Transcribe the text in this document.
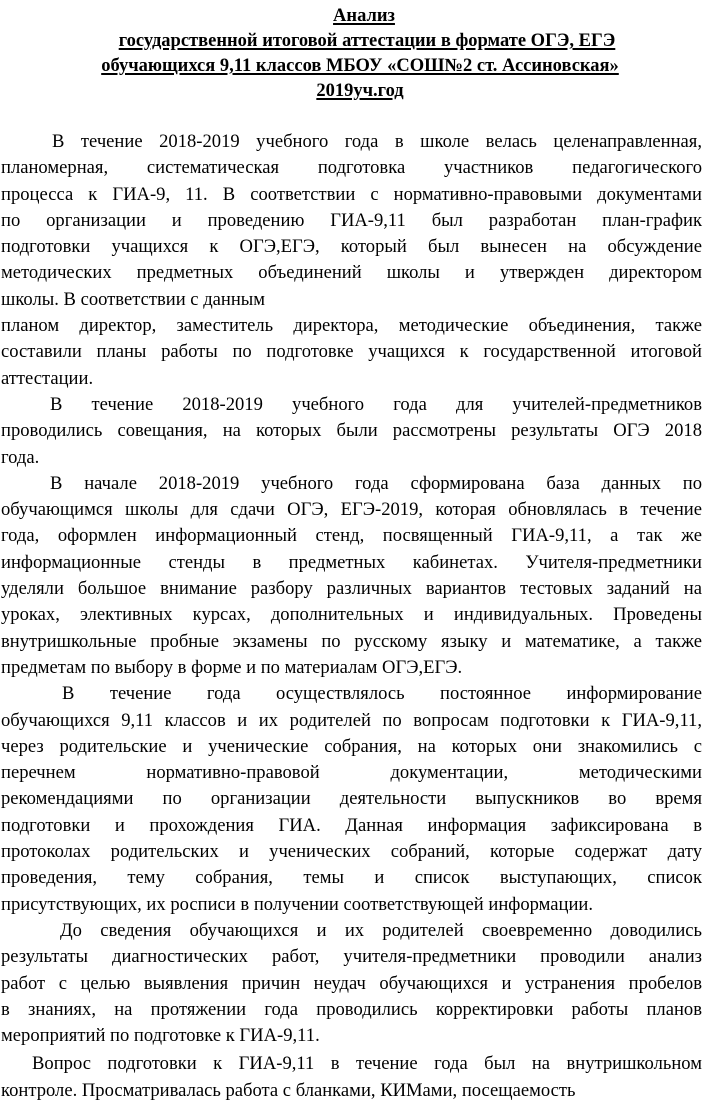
Анализ
государственной итоговой аттестации в формате ОГЭ, ЕГЭ
обучающихся 9,11 классов МБОУ «СОШ№2 ст. Ассиновская»
2019уч.год
В течение 2018-2019 учебного года в школе велась целенаправленная,
планомерная, систематическая подготовка участников педагогического
процесса к ГИА-9, 11. В соответствии с нормативно-правовыми документами
по организации и проведению ГИА-9,11 был разработан план-график
подготовки учащихся к ОГЭ,ЕГЭ, который был вынесен на обсуждение
методических предметных объединений школы и утвержден директором
школы. В соответствии с данным
планом директор, заместитель директора, методические объединения, также
составили планы работы по подготовке учащихся к государственной итоговой
аттестации.
В течение 2018-2019 учебного года для учителей-предметников
проводились совещания, на которых были рассмотрены результаты ОГЭ 2018
года.
В начале 2018-2019 учебного года сформирована база данных по
обучающимся школы для сдачи ОГЭ, ЕГЭ-2019, которая обновлялась в течение
года, оформлен информационный стенд, посвященный ГИА-9,11, а так же
информационные стенды в предметных кабинетах. Учителя-предметники
уделяли большое внимание разбору различных вариантов тестовых заданий на
уроках, элективных курсах, дополнительных и индивидуальных. Проведены
внутришкольные пробные экзамены по русскому языку и математике, а также
предметам по выбору в форме и по материалам ОГЭ,ЕГЭ.
В течение года осуществлялось постоянное информирование
обучающихся 9,11 классов и их родителей по вопросам подготовки к ГИА-9,11,
через родительские и ученические собрания, на которых они знакомились с
перечнем нормативно-правовой документации, методическими
рекомендациями по организации деятельности выпускников во время
подготовки и прохождения ГИА. Данная информация зафиксирована в
протоколах родительских и ученических собраний, которые содержат дату
проведения, тему собрания, темы и список выступающих, список
присутствующих, их росписи в получении соответствующей информации.
До сведения обучающихся и их родителей своевременно доводились
результаты диагностических работ, учителя-предметники проводили анализ
работ с целью выявления причин неудач обучающихся и устранения пробелов
в знаниях, на протяжении года проводились корректировки работы планов
мероприятий по подготовке к ГИА-9,11.
Вопрос подготовки к ГИА-9,11 в течение года был на внутришкольном
контроле. Просматривалась работа с бланками, КИМами, посещаемость
